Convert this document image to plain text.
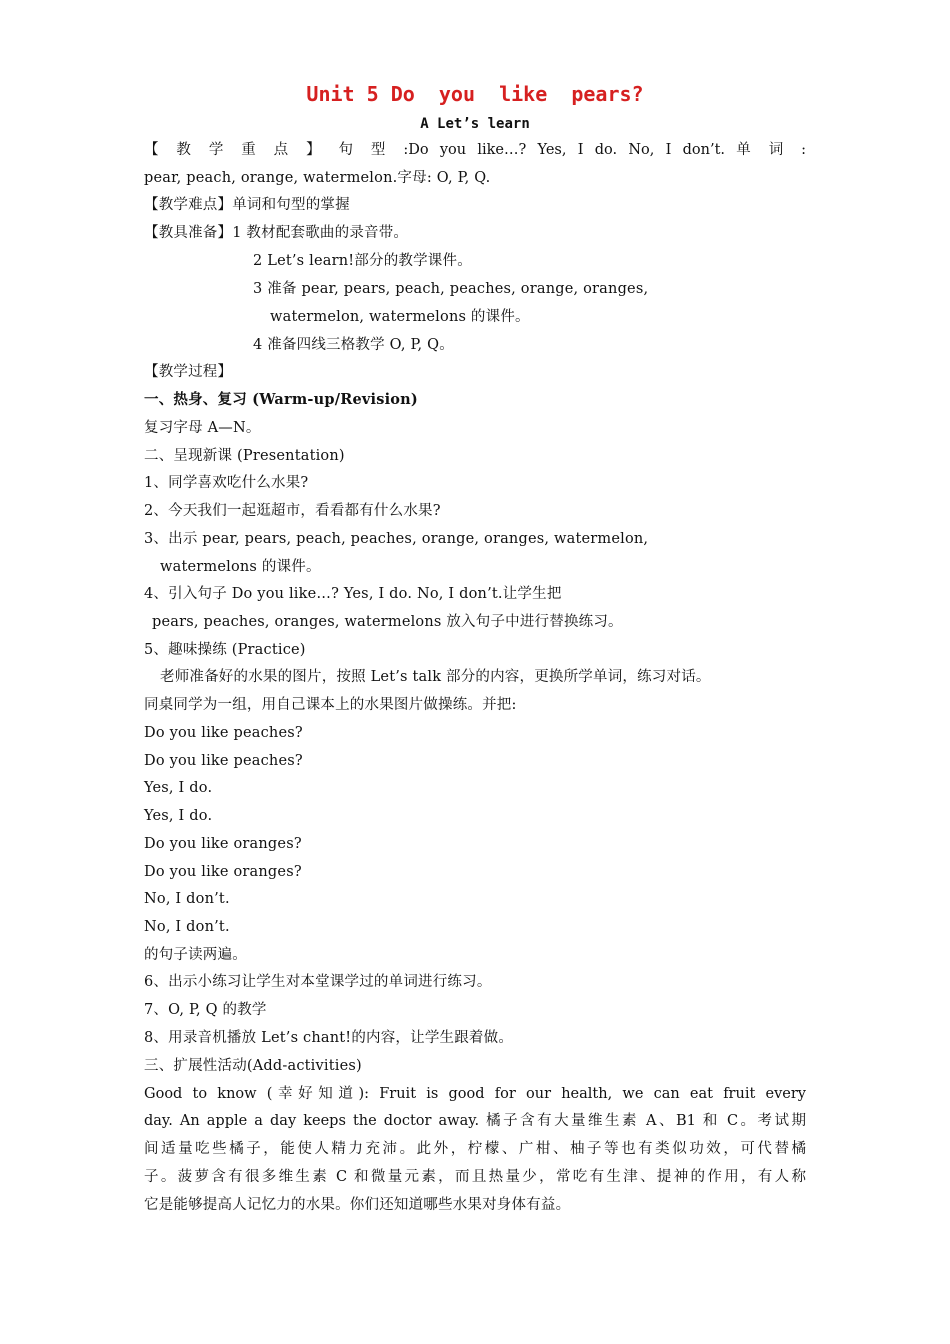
Unit 5 Do  you  like  pears?
A Let’s learn
【 教 学 重 点 】 句 型 :Do you like…? Yes, I do. No, I don’t. 单 词 :
pear, peach, orange, watermelon.字母: O, P, Q.
【教学难点】单词和句型的掌握
【教具准备】1 教材配套歌曲的录音带。
2 Let’s learn!部分的教学课件。
3 准备 pear, pears, peach, peaches, orange, oranges,
watermelon, watermelons 的课件。
4 准备四线三格教学 O, P, Q。
【教学过程】
一、热身、复习 (Warm-up/Revision)
复习字母 A—N。
二、呈现新课 (Presentation)
1、同学喜欢吃什么水果?
2、今天我们一起逛超市，看看都有什么水果?
3、出示 pear, pears, peach, peaches, orange, oranges, watermelon,
watermelons 的课件。
4、引入句子 Do you like…? Yes, I do. No, I don’t.让学生把
pears, peaches, oranges, watermelons 放入句子中进行替换练习。
5、趣味操练 (Practice)
老师准备好的水果的图片，按照 Let’s talk 部分的内容，更换所学单词，练习对话。
同桌同学为一组，用自己课本上的水果图片做操练。并把:
Do you like peaches?
Do you like peaches?
Yes, I do.
Yes, I do.
Do you like oranges?
Do you like oranges?
No, I don’t.
No, I don’t.
的句子读两遍。
6、出示小练习让学生对本堂课学过的单词进行练习。
7、O, P, Q 的教学
8、用录音机播放 Let’s chant!的内容，让学生跟着做。
三、扩展性活动(Add-activities)
Good to know (幸好知道): Fruit is good for our health, we can eat fruit every
day. An apple a day keeps the doctor away. 橘子含有大量维生素 A、B1 和 C。考试期
间适量吃些橘子，能使人精力充沛。此外，柠檬、广柑、柚子等也有类似功效，可代替橘
子。菠萝含有很多维生素 C 和微量元素，而且热量少，常吃有生津、提神的作用，有人称
它是能够提高人记忆力的水果。你们还知道哪些水果对身体有益。
